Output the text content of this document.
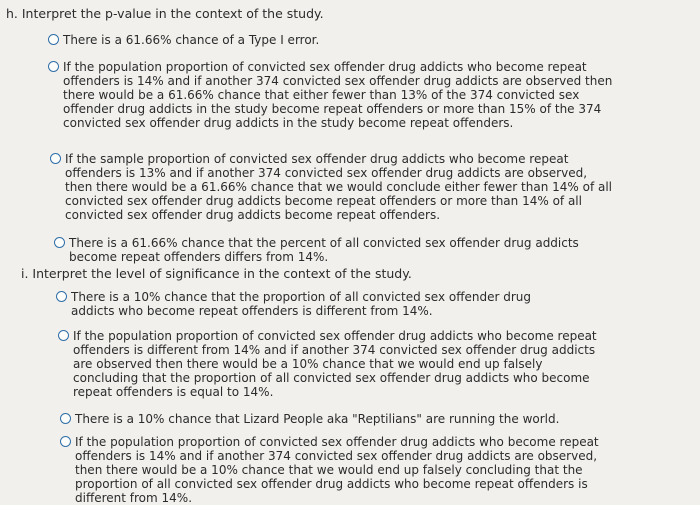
h. Interpret the p-value in the context of the study.
There is a 61.66% chance of a Type I error.
If the population proportion of convicted sex offender drug addicts who become repeat offenders is 14% and if another 374 convicted sex offender drug addicts are observed then there would be a 61.66% chance that either fewer than 13% of the 374 convicted sex offender drug addicts in the study become repeat offenders or more than 15% of the 374 convicted sex offender drug addicts in the study become repeat offenders.
If the sample proportion of convicted sex offender drug addicts who become repeat offenders is 13% and if another 374 convicted sex offender drug addicts are observed, then there would be a 61.66% chance that we would conclude either fewer than 14% of all convicted sex offender drug addicts become repeat offenders or more than 14% of all convicted sex offender drug addicts become repeat offenders.
There is a 61.66% chance that the percent of all convicted sex offender drug addicts become repeat offenders differs from 14%.
i. Interpret the level of significance in the context of the study.
There is a 10% chance that the proportion of all convicted sex offender drug addicts who become repeat offenders is different from 14%.
If the population proportion of convicted sex offender drug addicts who become repeat offenders is different from 14% and if another 374 convicted sex offender drug addicts are observed then there would be a 10% chance that we would end up falsely concluding that the proportion of all convicted sex offender drug addicts who become repeat offenders is equal to 14%.
There is a 10% chance that Lizard People aka "Reptilians" are running the world.
If the population proportion of convicted sex offender drug addicts who become repeat offenders is 14% and if another 374 convicted sex offender drug addicts are observed, then there would be a 10% chance that we would end up falsely concluding that the proportion of all convicted sex offender drug addicts who become repeat offenders is different from 14%.
